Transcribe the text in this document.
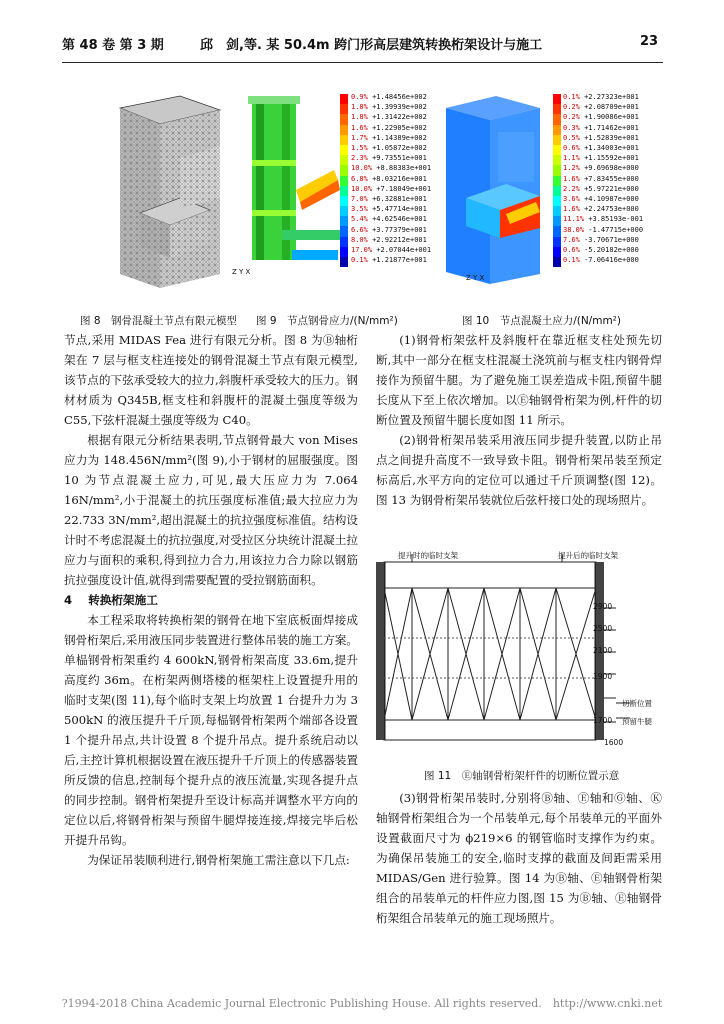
第 48 卷 第 3 期	邱　剑,等. 某 50.4m 跨门形高层建筑转换桁架设计与施工	23
0.9% +1.48456e+002
1.8% +1.39939e+002
1.8% +1.31422e+002
1.6% +1.22905e+002
1.7% +1.14389e+002
1.5% +1.05872e+002
2.3% +9.73551e+001
10.0% +8.88383e+001
6.8% +8.03216e+001
10.0% +7.18049e+001
7.0% +6.32881e+001
3.5% +5.47714e+001
5.4% +4.62546e+001
6.6% +3.77379e+001
8.0% +2.92212e+001
17.0% +2.07044e+001
0.1% +1.21877e+001
Z Y X
0.1% +2.27323e+001
0.2% +2.08709e+001
0.2% +1.90086e+001
0.3% +1.71462e+001
0.5% +1.52839e+001
0.6% +1.34003e+001
1.1% +1.15592e+001
1.2% +9.69698e+000
1.6% +7.83455e+000
2.2% +5.97221e+000
3.6% +4.10987e+000
1.6% +2.24753e+000
11.1% +3.85193e-001
38.0% -1.47715e+000
7.6% -3.70671e+000
0.6% -5.20182e+000
0.1% -7.06416e+000
Z Y X
图 8　钢骨混凝土节点有限元模型 图 9　节点钢骨应力/(N/mm²)	图 10　节点混凝土应力/(N/mm²)

节点,采用 MIDAS Fea 进行有限元分析。图 8 为Ⓑ轴桁架在 7 层与框支柱连接处的钢骨混凝土节点有限元模型,该节点的下弦承受较大的拉力,斜腹杆承受较大的压力。钢材材质为 Q345B,框支柱和斜腹杆的混凝土强度等级为 C55,下弦杆混凝土强度等级为 C40。

根据有限元分析结果表明,节点钢骨最大 von Mises 应力为 148.456N/mm²(图 9),小于钢材的屈服强度。图 10 为节点混凝土应力,可见,最大压应力为 7.064 16N/mm²,小于混凝土的抗压强度标准值;最大拉应力为 22.733 3N/mm²,超出混凝土的抗拉强度标准值。结构设计时不考虑混凝土的抗拉强度,对受拉区分块统计混凝土拉应力与面积的乘积,得到拉力合力,用该拉力合力除以钢筋抗拉强度设计值,就得到需要配置的受拉钢筋面积。

4 转换桁架施工

本工程采取将转换桁架的钢骨在地下室底板面焊接成钢骨桁架后,采用液压同步装置进行整体吊装的施工方案。单榀钢骨桁架重约 4 600kN,钢骨桁架高度 33.6m,提升高度约 36m。在桁架两侧塔楼的框架柱上设置提升用的临时支架(图 11),每个临时支架上均放置 1 台提升力为 3 500kN 的液压提升千斤顶,每榀钢骨桁架两个端部各设置 1 个提升吊点,共计设置 8 个提升吊点。提升系统启动以后,主控计算机根据设置在液压提升千斤顶上的传感器装置所反馈的信息,控制每个提升点的液压流量,实现各提升点的同步控制。钢骨桁架提升至设计标高并调整水平方向的定位以后,将钢骨桁架与预留牛腿焊接连接,焊接完毕后松开提升吊钩。

为保证吊装顺利进行,钢骨桁架施工需注意以下几点:

(1)钢骨桁架弦杆及斜腹杆在靠近框支柱处预先切断,其中一部分在框支柱混凝土浇筑前与框支柱内钢骨焊接作为预留牛腿。为了避免施工误差造成卡阻,预留牛腿长度从下至上依次增加。以Ⓔ轴钢骨桁架为例,杆件的切断位置及预留牛腿长度如图 11 所示。

(2)钢骨桁架吊装采用液压同步提升装置,以防止吊点之间提升高度不一致导致卡阻。钢骨桁架吊装至预定标高后,水平方向的定位可以通过千斤顶调整(图 12)。图 13 为钢骨桁架吊装就位后弦杆接口处的现场照片。

提升时的临时支架	提升后的临时支架
2900
2500
2100
1900
1700
1600
切断位置
预留牛腿
图 11　Ⓔ轴钢骨桁架杆件的切断位置示意

(3)钢骨桁架吊装时,分别将Ⓑ轴、Ⓔ轴和Ⓖ轴、Ⓚ轴钢骨桁架组合为一个吊装单元,每个吊装单元的平面外设置截面尺寸为 ϕ219×6 的钢管临时支撑作为约束。为确保吊装施工的安全,临时支撑的截面及间距需采用 MIDAS/Gen 进行验算。图 14 为Ⓑ轴、Ⓔ轴钢骨桁架组合的吊装单元的杆件应力图,图 15 为Ⓑ轴、Ⓔ轴钢骨桁架组合吊装单元的施工现场照片。

?1994-2018 China Academic Journal Electronic Publishing House. All rights reserved.　http://www.cnki.net
